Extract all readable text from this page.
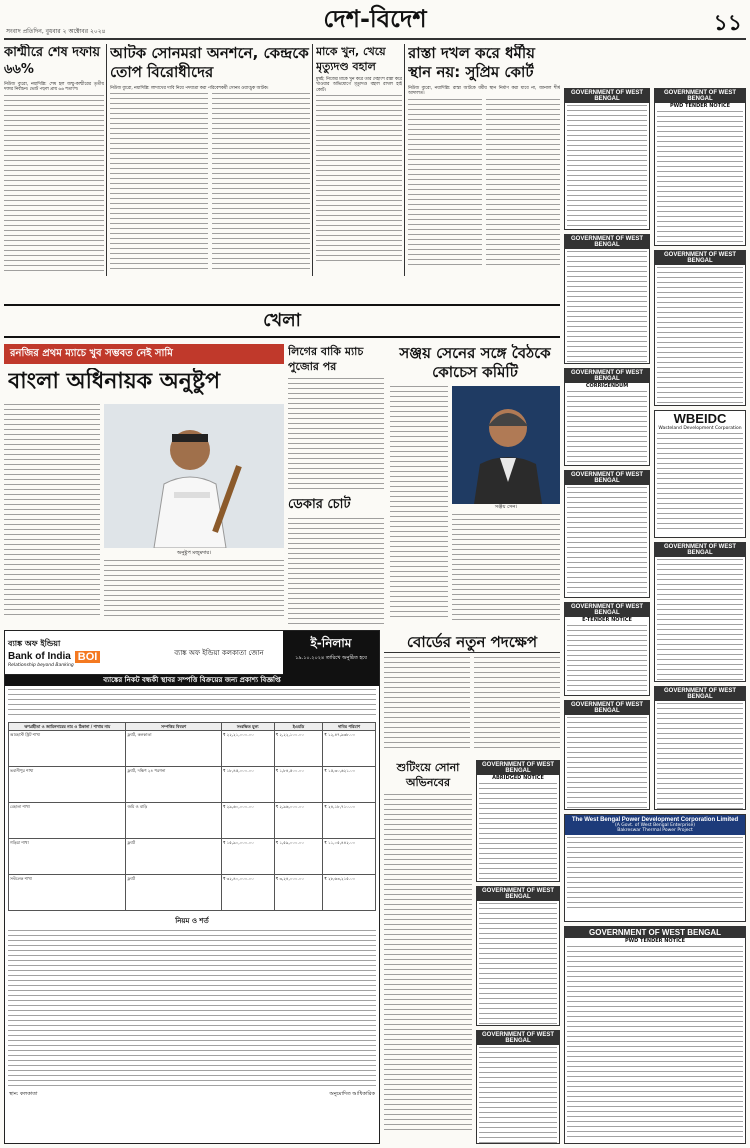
সংবাদ প্রতিদিন, বুধবার ২ অক্টোবর ২০২৪	দেশ-বিদেশ	১১
কাশ্মীরে শেষ দফায় ৬৬%
নিউজ ব্যুরো, নয়াদিল্লি: শেষ হল জম্মু-কাশ্মীরের তৃতীয় দফার নির্বাচন। ভোট পড়ল প্রায় ৬৬ শতাংশ।
আটক সোনমরা অনশনে, কেন্দ্রকে তোপ বিরোধীদের
নিউজ ব্যুরো, নয়াদিল্লি: লাদাখের দাবি নিয়ে পদযাত্রা করা পরিবেশকর্মী সোনম ওয়াংচুক আটক।
মাকে খুন, খেয়ে মৃত্যুদণ্ড বহাল
মুম্বই: নিজের মাকে খুন করে তার দেহাংশ রান্না করে খাওয়ার অভিযোগে মৃত্যুদণ্ড বহাল রাখল হাই কোর্ট।
রাস্তা দখল করে ধর্মীয় স্থান নয়: সুপ্রিম কোর্ট
নিউজ ব্যুরো, নয়াদিল্লি: রাস্তা আটকে ধর্মীয় স্থান নির্মাণ করা যাবে না, জানাল শীর্ষ আদালত।
খেলা
রনজির প্রথম ম্যাচে খুব সম্ভবত নেই সামি
বাংলা অধিনায়ক অনুষ্টুপ
অনুষ্টুপ মজুমদার।
লিগের বাকি ম্যাচ পুজোর পর
ডেকার চোট
সঞ্জয় সেনের সঙ্গে বৈঠকে কোচেস কমিটি
সঞ্জয় সেন।
ব্যাঙ্ক অফ ইন্ডিয়া
Bank of India BOI
Relationship beyond Banking
ব্যাঙ্ক অফ ইন্ডিয়া কলকাতা জোন
ই-নিলাম
১৯.১০.২০২৪ তারিখে অনুষ্ঠিত হবে
ব্যাঙ্কের নিকট বন্ধকী স্থাবর সম্পত্তি বিক্রয়ের জন্য প্রকাশ্য বিজ্ঞপ্তি
ঋণগ্রহীতা ও জামিনদারের নাম ও ঠিকানা / শাখার নাম	সম্পত্তির বিবরণ	সংরক্ষিত মূল্য	ইএমডি	দাবির পরিমাণ
আমহার্স্ট স্ট্রিট শাখা	ফ্ল্যাট, কলকাতা	₹ ২২,২১,০০০.০০	₹ ২,২২,১০০.০০	₹ ১২,৪৭,৯৩৮.০০
ভবানীপুর শাখা	ফ্ল্যাট, দক্ষিণ ২৪ পরগনা	₹ ১৮,৪৫,০০০.০০	₹ ১,৮৪,৫০০.০০	₹ ১৫,৩০,৬২১.০০
বেহালা শাখা	জমি ও বাড়ি	₹ ২৯,৬০,০০০.০০	₹ ২,৯৬,০০০.০০	₹ ২৪,১৮,৭১০.০০
গড়িয়া শাখা	ফ্ল্যাট	₹ ১৫,৯০,০০০.০০	₹ ১,৫৯,০০০.০০	₹ ১১,০৫,৪৪২.০০
সল্টলেক শাখা	ফ্ল্যাট	₹ ৩২,৪০,০০০.০০	₹ ৩,২৪,০০০.০০	₹ ২৮,৬৩,২১৫.০০
নিয়ম ও শর্ত
স্থান: কলকাতা	অনুমোদিত আধিকারিক
বোর্ডের নতুন পদক্ষেপ
শুটিংয়ে সোনা অভিনবের
GOVERNMENT OF WEST BENGAL
ABRIDGED NOTICE
GOVERNMENT OF WEST BENGAL
GOVERNMENT OF WEST BENGAL
GOVERNMENT OF WEST BENGAL
GOVERNMENT OF WEST BENGAL
GOVERNMENT OF WEST BENGAL
CORRIGENDUM
GOVERNMENT OF WEST BENGAL
GOVERNMENT OF WEST BENGAL
E-TENDER NOTICE
GOVERNMENT OF WEST BENGAL
GOVERNMENT OF WEST BENGAL
PWD TENDER NOTICE
GOVERNMENT OF WEST BENGAL
WBEIDC
Wasteland Development Corporation
GOVERNMENT OF WEST BENGAL
GOVERNMENT OF WEST BENGAL
The West Bengal Power Development Corporation Limited
(A Govt. of West Bengal Enterprise)
Bakreswar Thermal Power Project
GOVERNMENT OF WEST BENGAL
PWD TENDER NOTICE
